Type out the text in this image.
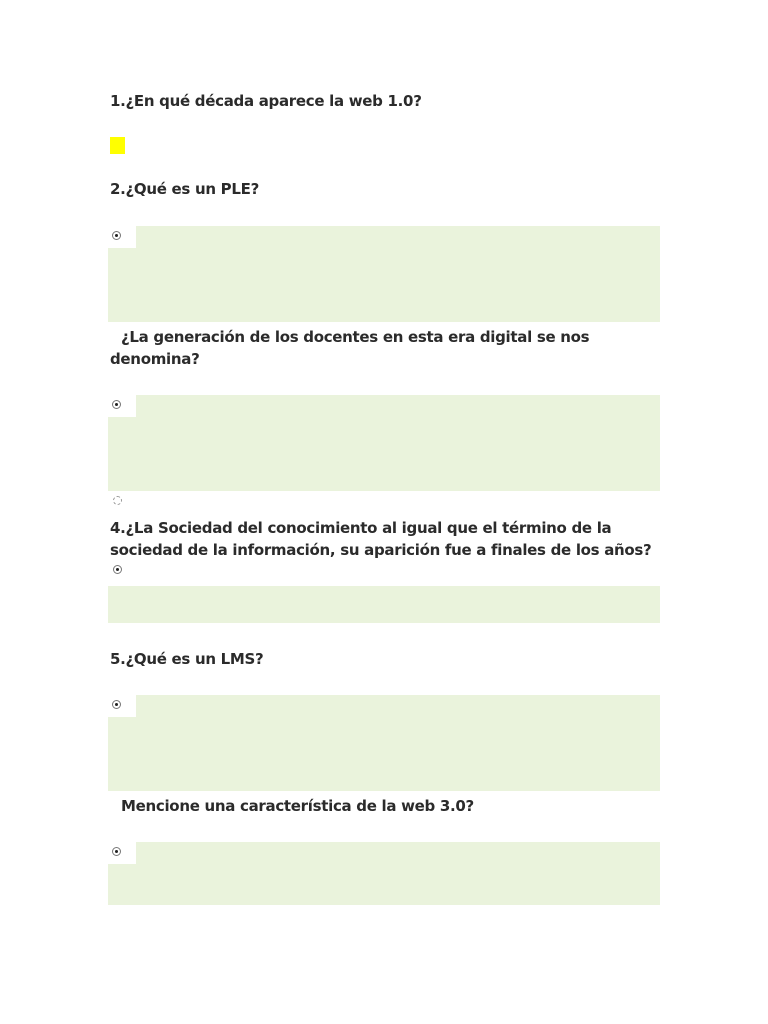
1.¿En qué década aparece la web 1.0?

2.¿Qué es un PLE?

¿La generación de los docentes en esta era digital se nos denomina?

4.¿La Sociedad del conocimiento al igual que el término de la sociedad de la información, su aparición fue a finales de los años?

5.¿Qué es un LMS?

Mencione una característica de la web 3.0?
